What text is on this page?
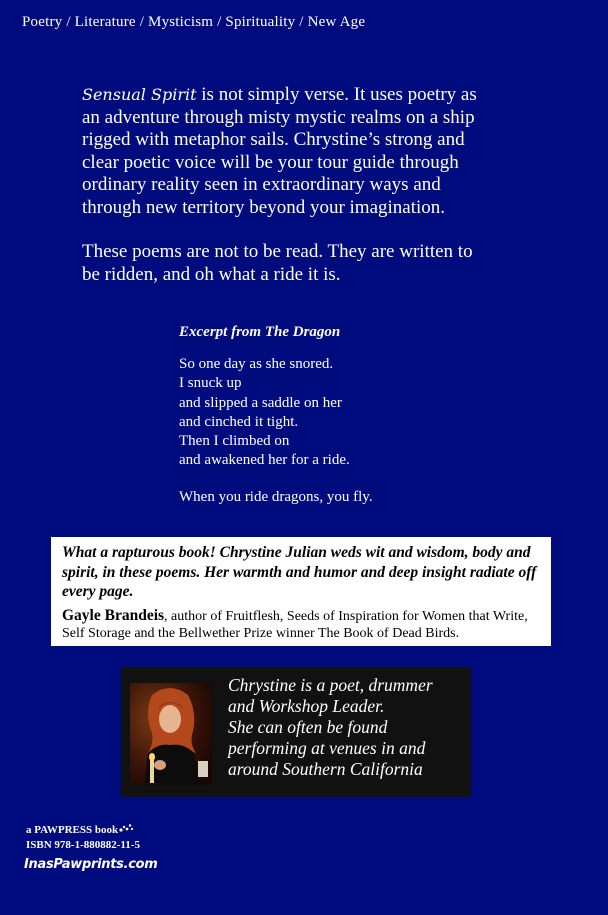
Poetry / Literature / Mysticism / Spirituality / New Age

Sensual Spirit is not simply verse. It uses poetry as an adventure through misty mystic realms on a ship rigged with metaphor sails. Chrystine’s strong and clear poetic voice will be your tour guide through ordinary reality seen in extraordinary ways and through new territory beyond your imagination.

These poems are not to be read. They are written to be ridden, and oh what a ride it is.

Excerpt from The Dragon
So one day as she snored.
I snuck up
and slipped a saddle on her
and cinched it tight.
Then I climbed on
and awakened her for a ride.
When you ride dragons, you fly.
What a rapturous book! Chrystine Julian weds wit and wisdom, body and spirit, in these poems. Her warmth and humor and deep insight radiate off every page.
Gayle Brandeis, author of Fruitflesh, Seeds of Inspiration for Women that Write, Self Storage and the Bellwether Prize winner The Book of Dead Birds.
Chrystine is a poet, drummer
and Workshop Leader.
She can often be found
performing at venues in and
around Southern California
a PAWPRESS book
ISBN 978-1-880882-11-5
InasPawprints.com
